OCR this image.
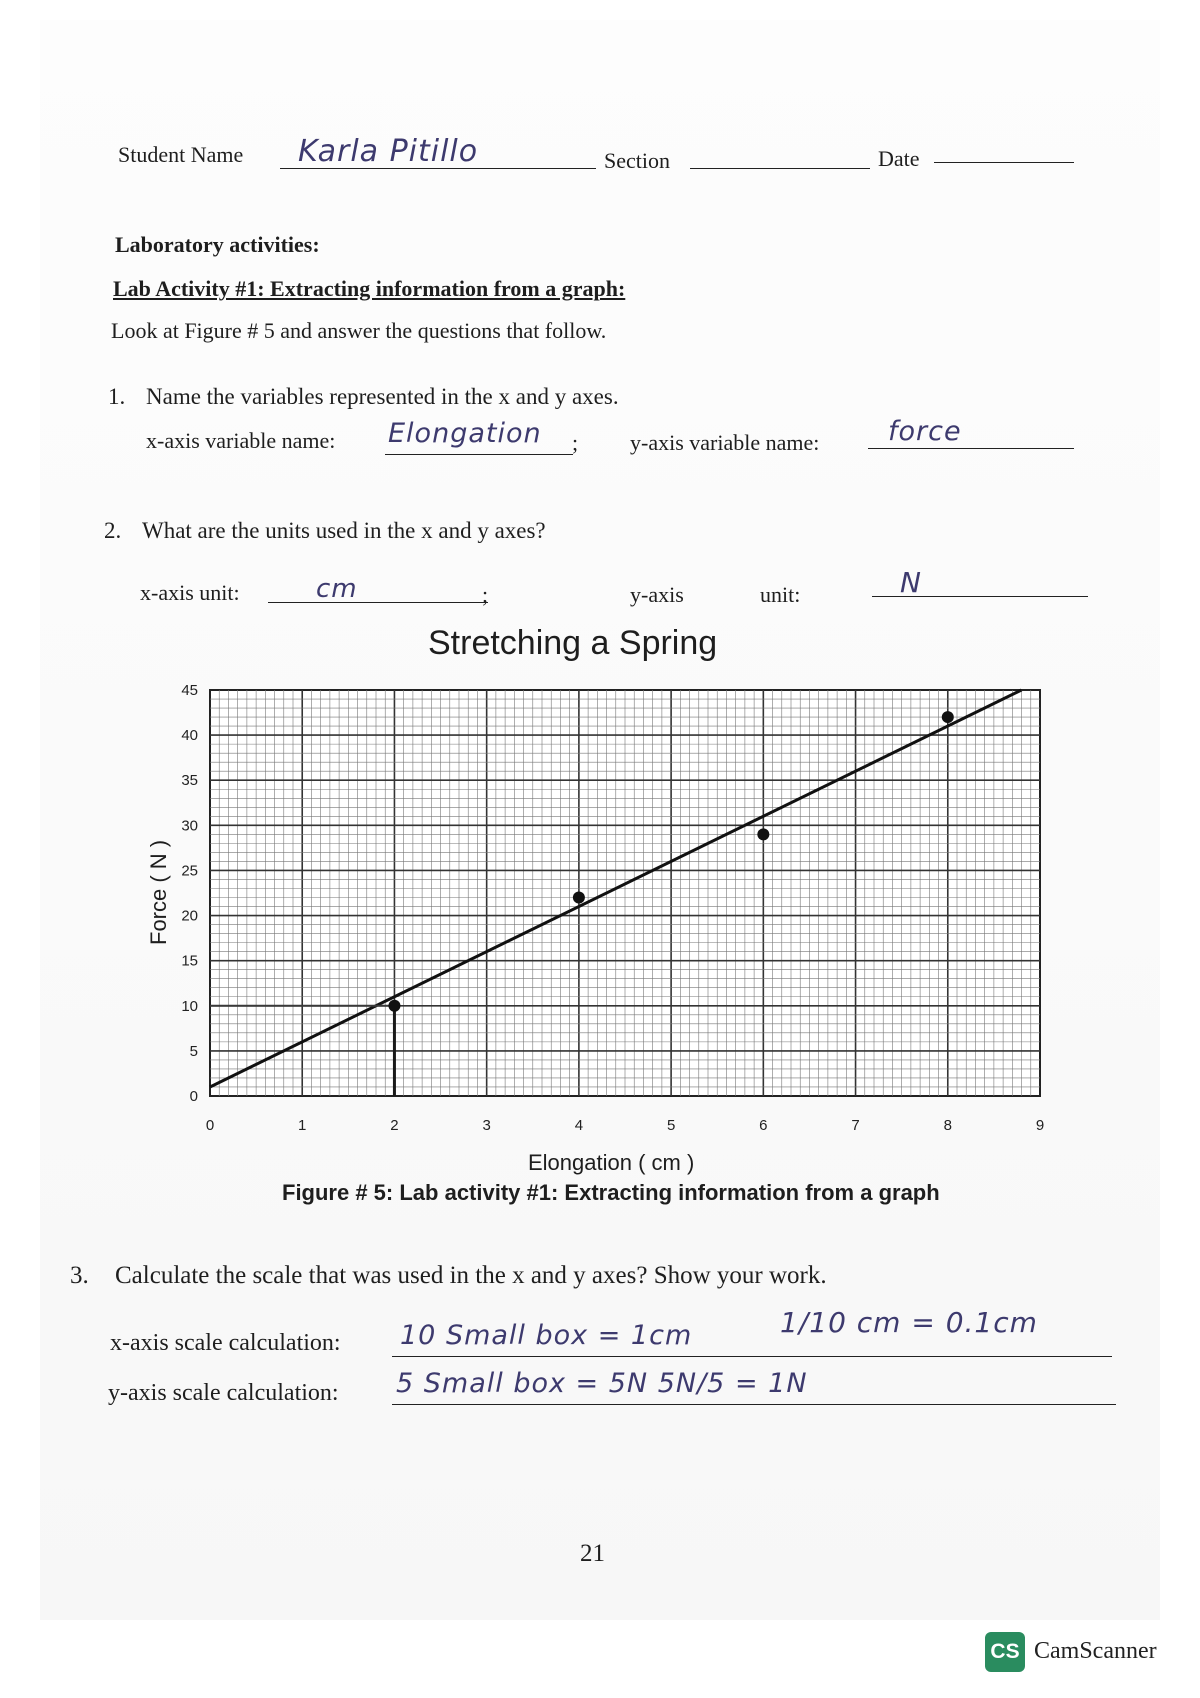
Student Name Karla Pitillo	Section	Date
Laboratory activities:
Lab Activity #1: Extracting information from a graph:
Look at Figure # 5 and answer the questions that follow.
1. Name the variables represented in the x and y axes.
x-axis variable name: Elongation ; y-axis variable name:	force
2. What are the units used in the x and y axes?
x-axis unit:	cm	;	y-axis	unit:	N
Stretching a Spring
0	1	2	3	4	5	6	7	8	9
0
5
10
15
20
25
30
35
40
45
Elongation ( cm )
Force ( N )
Figure # 5: Lab activity #1: Extracting information from a graph
3. Calculate the scale that was used in the x and y axes? Show your work.
x-axis scale calculation: 10 Small box = 1cm	1/10 cm = 0.1cm
y-axis scale calculation: 5 Small box = 5N 5N/5 = 1N
21
CS CamScanner
